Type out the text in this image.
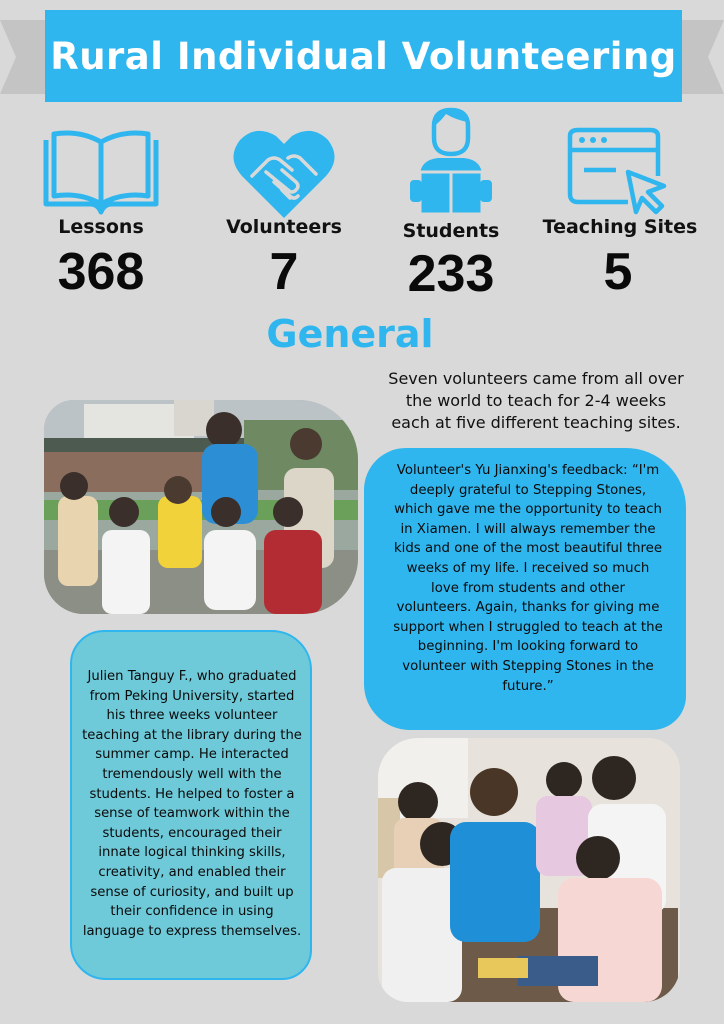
Rural Individual Volunteering
Lessons
368
Volunteers
7
Students
233
Teaching Sites
5
General
Seven volunteers came from all over the world to teach for 2-4 weeks each at five different teaching sites.
Volunteer's Yu Jianxing's feedback: “I'm deeply grateful to Stepping Stones, which gave me the opportunity to teach in Xiamen. I will always remember the kids and one of the most beautiful three weeks of my life. I received so much love from students and other volunteers. Again, thanks for giving me support when I struggled to teach at the beginning. I'm looking forward to volunteer with Stepping Stones in the future.”
Julien Tanguy F., who graduated from Peking University, started his three weeks volunteer teaching at the library during the summer camp. He interacted tremendously well with the students. He helped to foster a sense of teamwork within the students, encouraged their innate logical thinking skills, creativity, and enabled their sense of curiosity, and built up their confidence in using language to express themselves.
